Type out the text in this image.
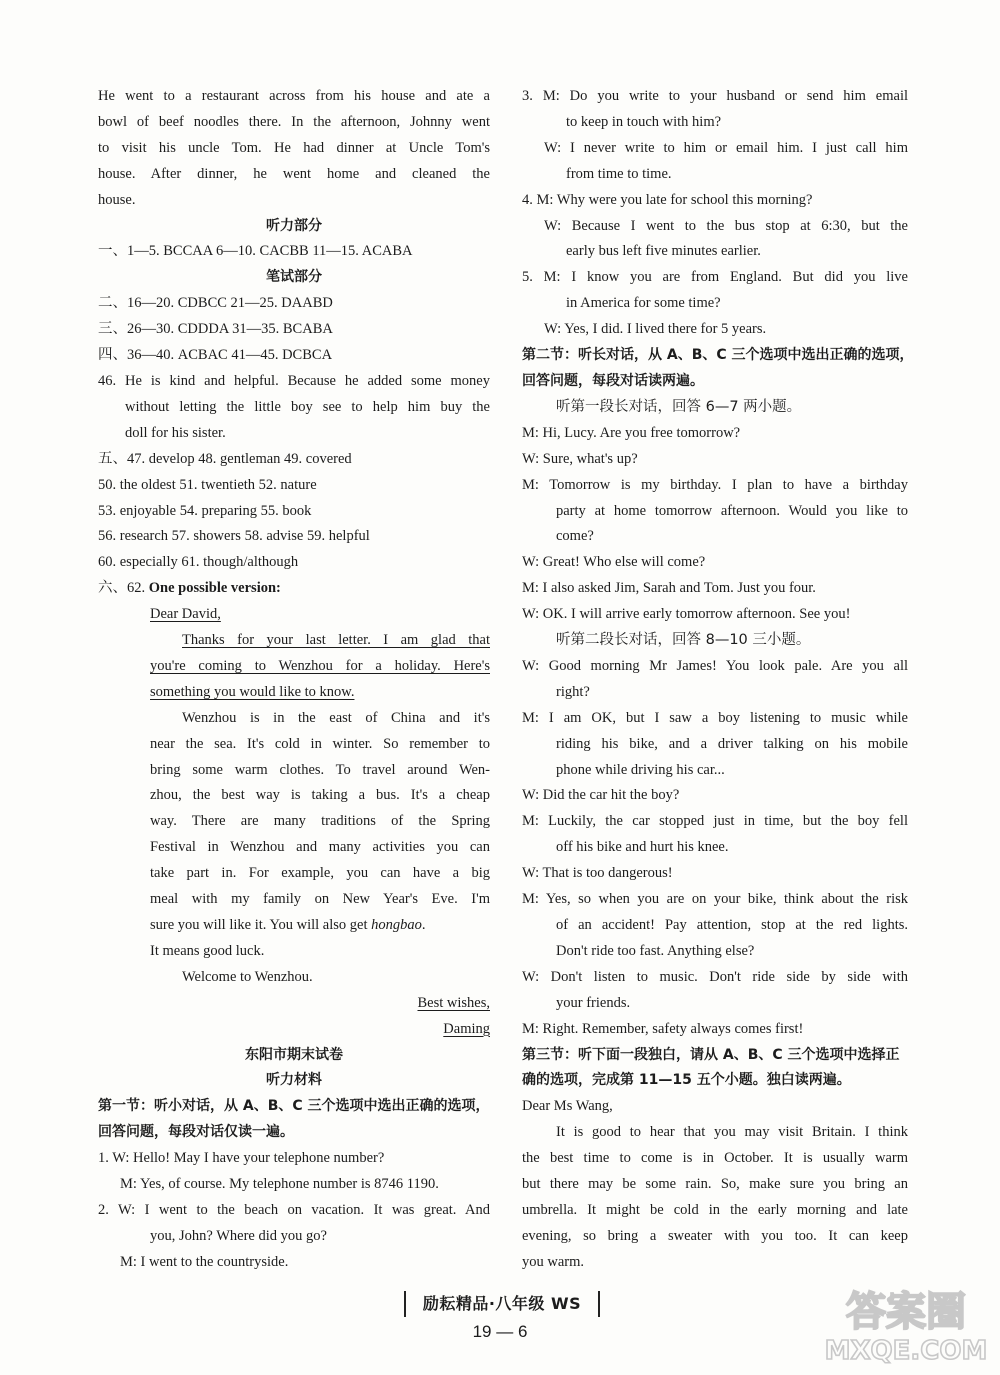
He went to a restaurant across from his house and ate a
bowl of beef noodles there. In the afternoon, Johnny went
to visit his uncle Tom. He had dinner at Uncle Tom's
house. After dinner, he went home and cleaned the
house.
听力部分
一、1—5. BCCAA 6—10. CACBB 11—15. ACABA
笔试部分
二、16—20. CDBCC 21—25. DAABD
三、26—30. CDDDA 31—35. BCABA
四、36—40. ACBAC 41—45. DCBCA
46. He is kind and helpful. Because he added some money
without letting the little boy see to help him buy the
doll for his sister.
五、47. develop 48. gentleman 49. covered
50. the oldest 51. twentieth 52. nature
53. enjoyable 54. preparing 55. book
56. research 57. showers 58. advise 59. helpful
60. especially 61. though/although
六、62. One possible version:
Dear David,
Thanks for your last letter. I am glad that
you're coming to Wenzhou for a holiday. Here's
something you would like to know.
Wenzhou is in the east of China and it's
near the sea. It's cold in winter. So remember to
bring some warm clothes. To travel around Wen-
zhou, the best way is taking a bus. It's a cheap
way. There are many traditions of the Spring
Festival in Wenzhou and many activities you can
take part in. For example, you can have a big
meal with my family on New Year's Eve. I'm
sure you will like it. You will also get hongbao.
It means good luck.
Welcome to Wenzhou.
Best wishes,
Daming
东阳市期末试卷
听力材料
第一节：听小对话，从 A、B、C 三个选项中选出正确的选项，
回答问题，每段对话仅读一遍。
1. W: Hello! May I have your telephone number?
M: Yes, of course. My telephone number is 8746 1190.
2. W: I went to the beach on vacation. It was great. And
you, John? Where did you go?
M: I went to the countryside.
3. M: Do you write to your husband or send him email
to keep in touch with him?
W: I never write to him or email him. I just call him
from time to time.
4. M: Why were you late for school this morning?
W: Because I went to the bus stop at 6:30, but the
early bus left five minutes earlier.
5. M: I know you are from England. But did you live
in America for some time?
W: Yes, I did. I lived there for 5 years.
第二节：听长对话，从 A、B、C 三个选项中选出正确的选项，
回答问题，每段对话读两遍。
听第一段长对话，回答 6—7 两小题。
M: Hi, Lucy. Are you free tomorrow?
W: Sure, what's up?
M: Tomorrow is my birthday. I plan to have a birthday
party at home tomorrow afternoon. Would you like to
come?
W: Great! Who else will come?
M: I also asked Jim, Sarah and Tom. Just you four.
W: OK. I will arrive early tomorrow afternoon. See you!
听第二段长对话，回答 8—10 三小题。
W: Good morning Mr James! You look pale. Are you all
right?
M: I am OK, but I saw a boy listening to music while
riding his bike, and a driver talking on his mobile
phone while driving his car...
W: Did the car hit the boy?
M: Luckily, the car stopped just in time, but the boy fell
off his bike and hurt his knee.
W: That is too dangerous!
M: Yes, so when you are on your bike, think about the risk
of an accident! Pay attention, stop at the red lights.
Don't ride too fast. Anything else?
W: Don't listen to music. Don't ride side by side with
your friends.
M: Right. Remember, safety always comes first!
第三节：听下面一段独白，请从 A、B、C 三个选项中选择正
确的选项，完成第 11—15 五个小题。独白读两遍。
Dear Ms Wang,
It is good to hear that you may visit Britain. I think
the best time to come is in October. It is usually warm
but there may be some rain. So, make sure you bring an
umbrella. It might be cold in the early morning and late
evening, so bring a sweater with you too. It can keep
you warm.
励耘精品·八年级 WS
19 — 6	答案圈
MXQE.COM
